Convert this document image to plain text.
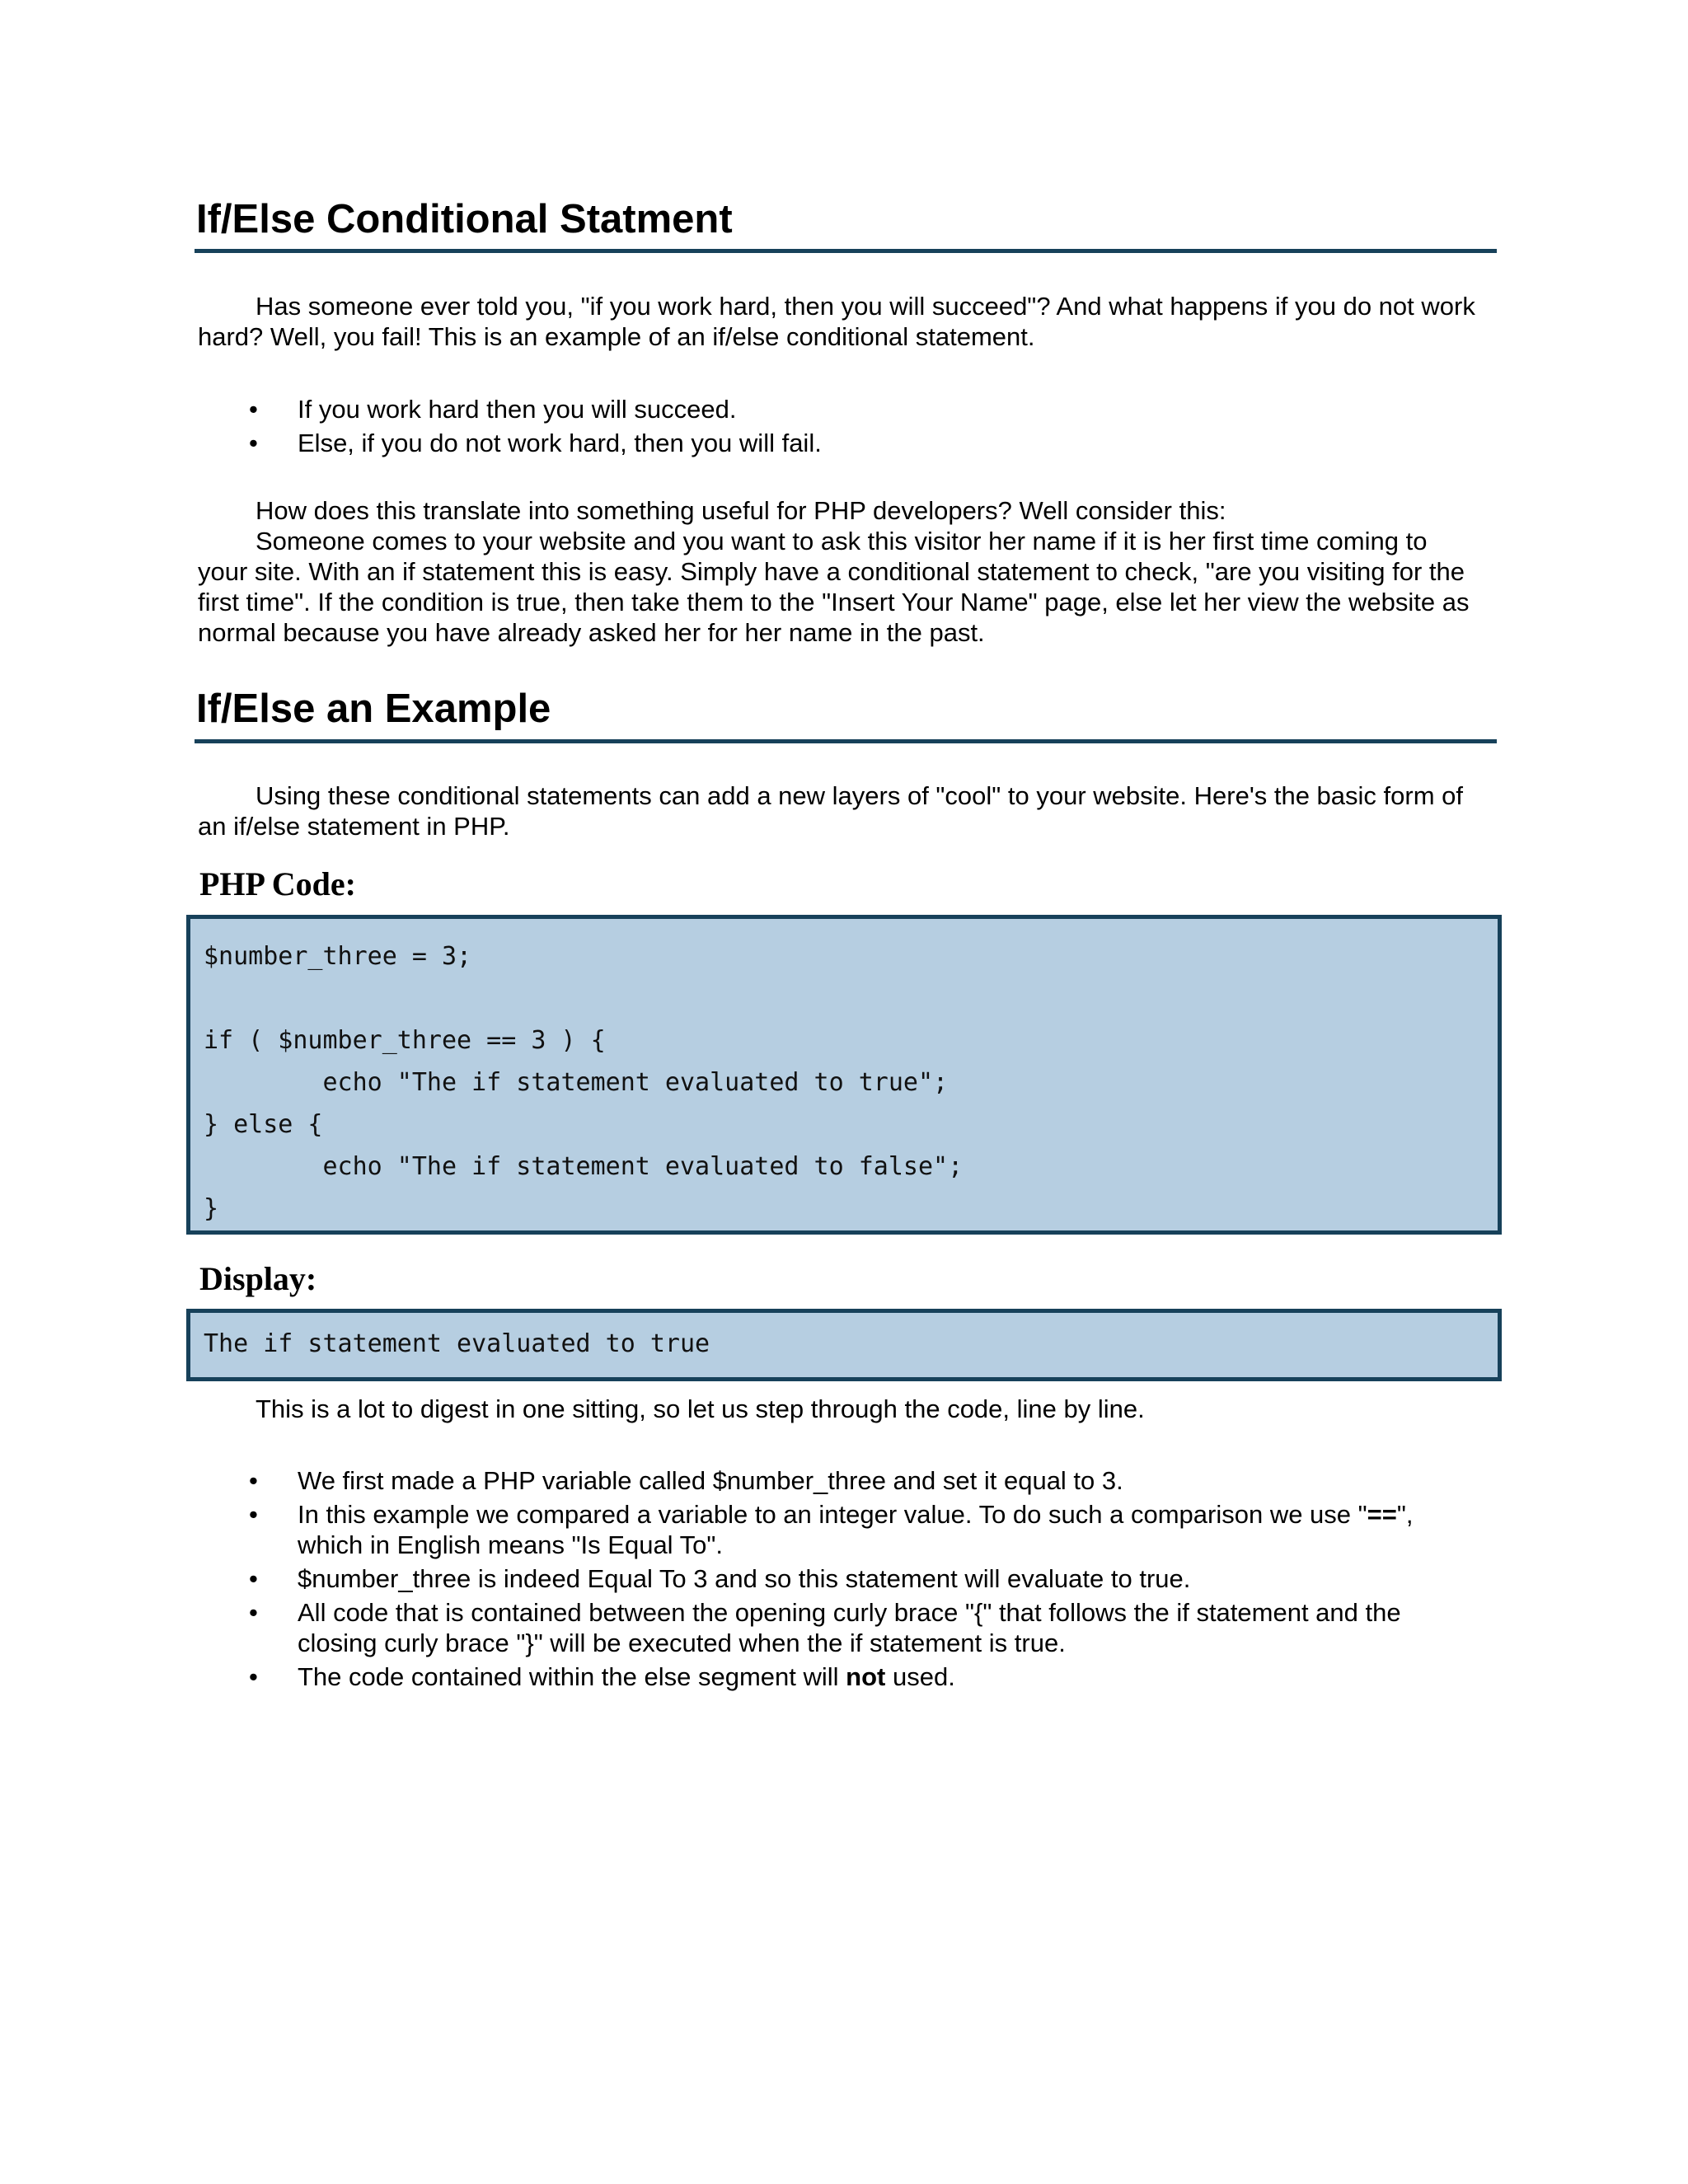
If/Else Conditional Statment

Has someone ever told you, "if you work hard, then you will succeed"? And what happens if you do not work hard? Well, you fail! This is an example of an if/else conditional statement.

• If you work hard then you will succeed.
• Else, if you do not work hard, then you will fail.
How does this translate into something useful for PHP developers? Well consider this:
Someone comes to your website and you want to ask this visitor her name if it is her first time coming to your site. With an if statement this is easy. Simply have a conditional statement to check, "are you visiting for the first time". If the condition is true, then take them to the "Insert Your Name" page, else let her view the website as normal because you have already asked her for her name in the past.
If/Else an Example

Using these conditional statements can add a new layers of "cool" to your website. Here's the basic form of an if/else statement in PHP.

PHP Code:
$number_three = 3;

if ( $number_three == 3 ) {
echo "The if statement evaluated to true";
} else {
echo "The if statement evaluated to false";
}
Display:
The if statement evaluated to true

This is a lot to digest in one sitting, so let us step through the code, line by line.

• We first made a PHP variable called $number_three and set it equal to 3.
• In this example we compared a variable to an integer value. To do such a comparison we use "==", which in English means "Is Equal To".
• $number_three is indeed Equal To 3 and so this statement will evaluate to true.
• All code that is contained between the opening curly brace "{" that follows the if statement and the closing curly brace "}" will be executed when the if statement is true.
• The code contained within the else segment will not used.
